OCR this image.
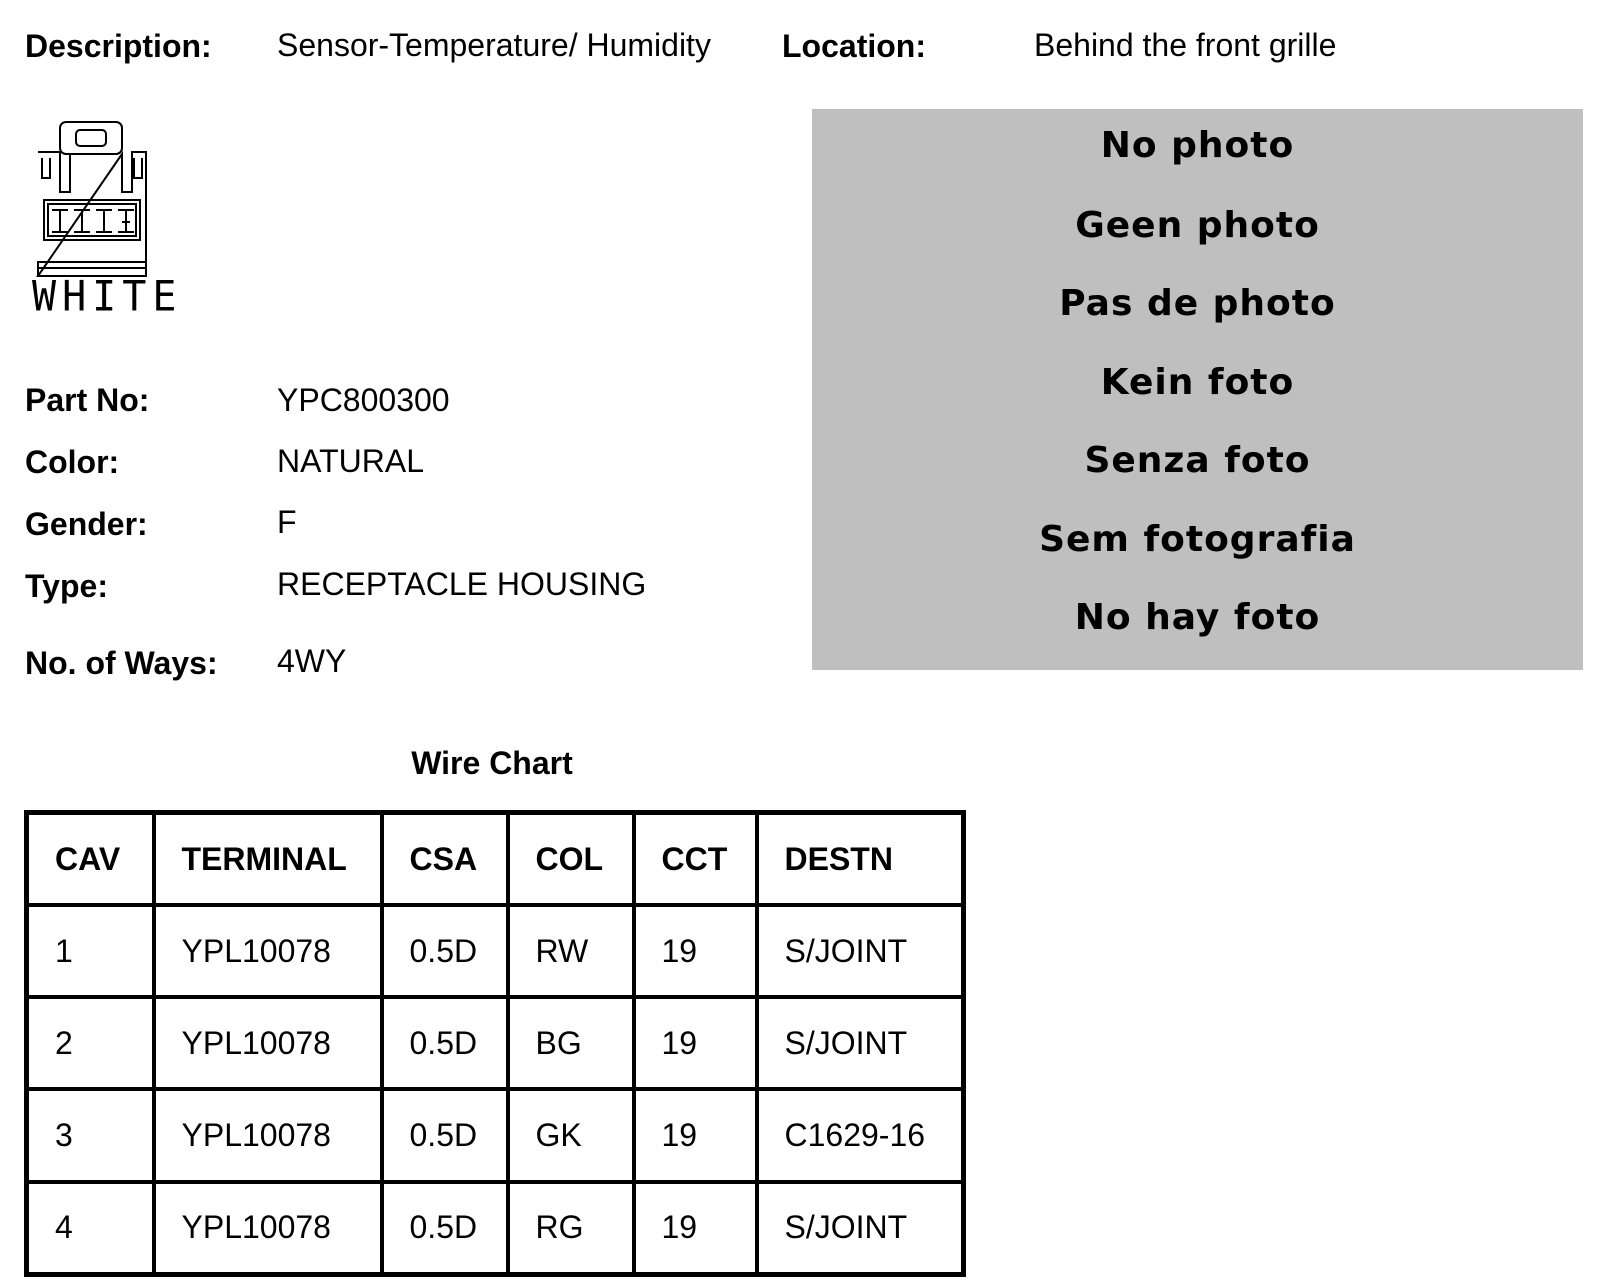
Description: Sensor-Temperature/ Humidity Location:	Behind the front grille
WHITE
Part No:	YPC800300
Color:	NATURAL
Gender:	F
Type:	RECEPTACLE HOUSING
No. of Ways: 4WY
No photo
Geen photo
Pas de photo
Kein foto
Senza foto
Sem fotografia
No hay foto
Wire Chart
CAV	TERMINAL	CSA	COL	CCT	DESTN
1	YPL10078	0.5D	RW	19	S/JOINT
2	YPL10078	0.5D	BG	19	S/JOINT
3	YPL10078	0.5D	GK	19	C1629-16
4	YPL10078	0.5D	RG	19	S/JOINT
